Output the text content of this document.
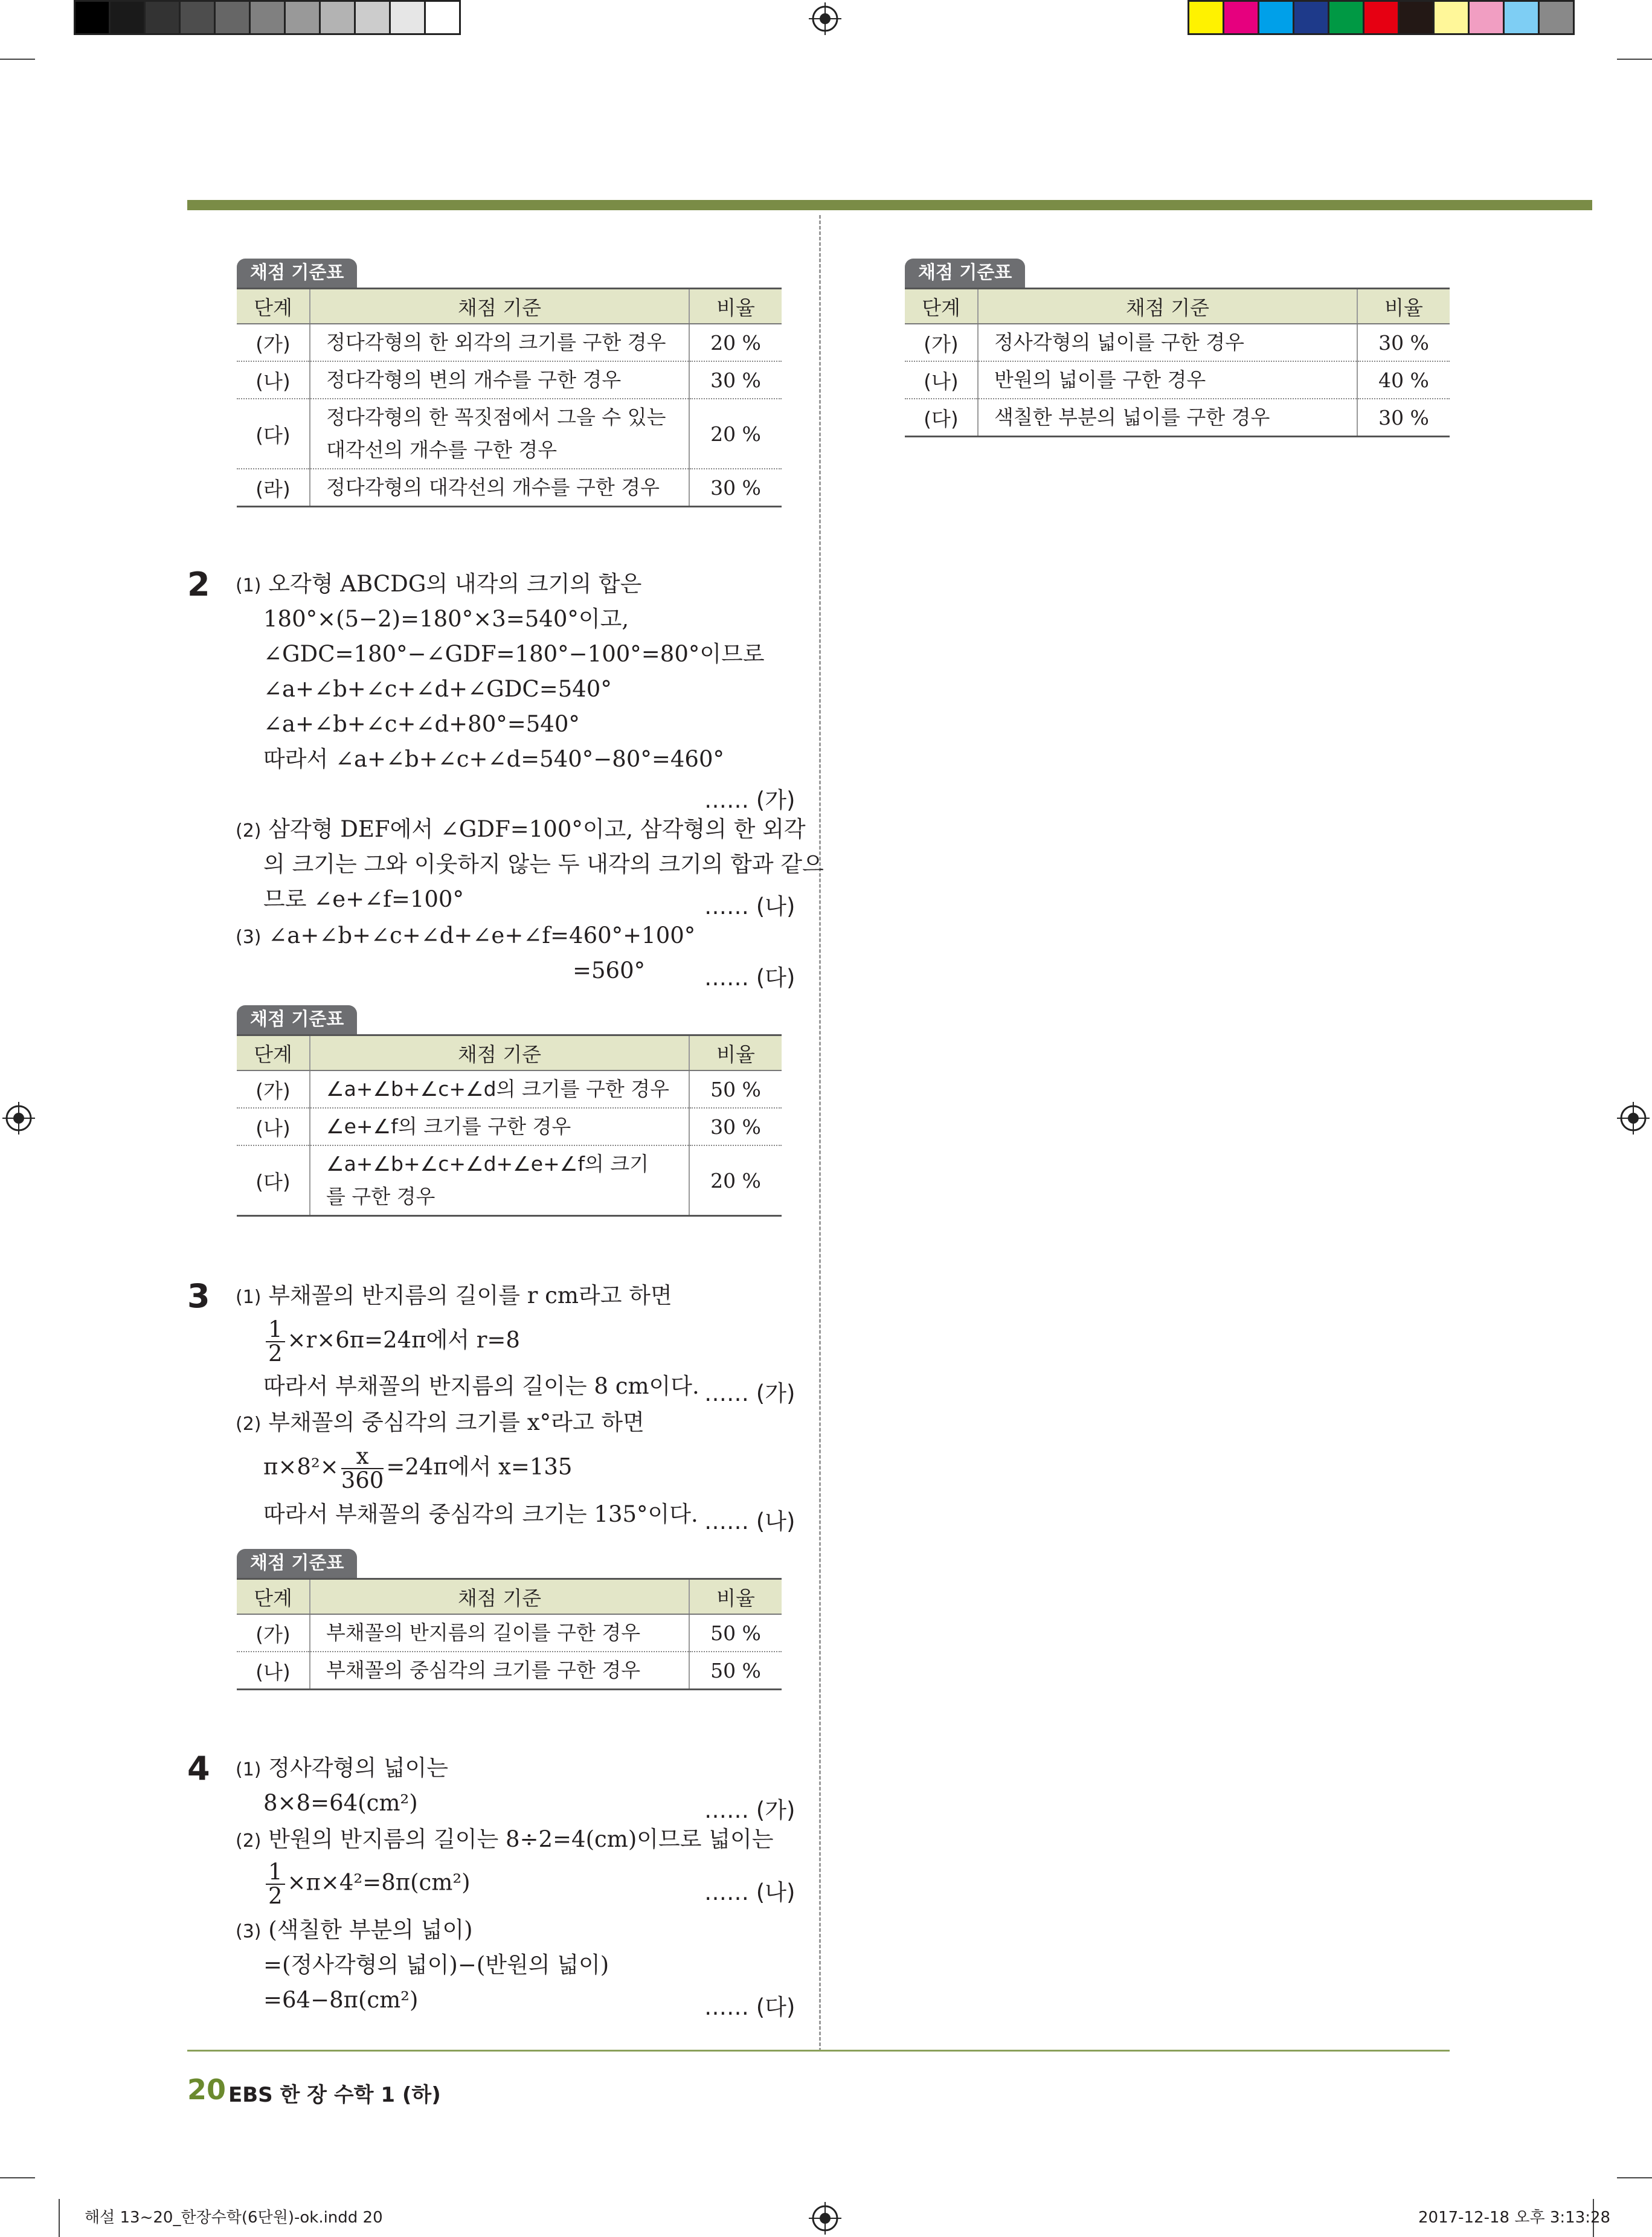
채점 기준표
단계	채점 기준	비율
(가)	정다각형의 한 외각의 크기를 구한 경우	20 %
(나)	정다각형의 변의 개수를 구한 경우	30 %
(다)	정다각형의 한 꼭짓점에서 그을 수 있는
대각선의 개수를 구한 경우	20 %
(라)	정다각형의 대각선의 개수를 구한 경우	30 %
채점 기준표
단계	채점 기준	비율
(가)	정사각형의 넓이를 구한 경우	30 %
(나)	반원의 넓이를 구한 경우	40 %
(다)	색칠한 부분의 넓이를 구한 경우	30 %
2 (1) 오각형 ABCDG의 내각의 크기의 합은
180°×(5−2)=180°×3=540°이고,
∠GDC=180°−∠GDF=180°−100°=80°이므로
∠a+∠b+∠c+∠d+∠GDC=540°
∠a+∠b+∠c+∠d+80°=540°
따라서 ∠a+∠b+∠c+∠d=540°−80°=460°
…… (가)
(2) 삼각형 DEF에서 ∠GDF=100°이고, 삼각형의 한 외각
의 크기는 그와 이웃하지 않는 두 내각의 크기의 합과 같으
므로 ∠e+∠f=100°	…… (나)
(3) ∠a+∠b+∠c+∠d+∠e+∠f=460°+100°
=560°	…… (다)
채점 기준표
단계	채점 기준	비율
(가)	∠a+∠b+∠c+∠d의 크기를 구한 경우	50 %
(나)	∠e+∠f의 크기를 구한 경우	30 %
(다)	∠a+∠b+∠c+∠d+∠e+∠f의 크기
를 구한 경우	20 %
3 (1) 부채꼴의 반지름의 길이를 r cm라고 하면
$\frac{1}{2} \times r\times 6\pi=24\pi$에서 r=8
따라서 부채꼴의 반지름의 길이는 8 cm이다. …… (가)
(2) 부채꼴의 중심각의 크기를 x°라고 하면
$\pi\times 8^2\times \frac{x}{360} =24\pi$에서 x=135
따라서 부채꼴의 중심각의 크기는 135°이다. …… (나)
채점 기준표
단계	채점 기준	비율
(가)	부채꼴의 반지름의 길이를 구한 경우	50 %
(나)	부채꼴의 중심각의 크기를 구한 경우	50 %
4 (1) 정사각형의 넓이는
8×8=64(cm²)	…… (가)
(2) 반원의 반지름의 길이는 8÷2=4(cm)이므로 넓이는
$\frac{1}{2} \times\pi\times 4^2=8\pi(cm^2)$	…… (나)
(3) (색칠한 부분의 넓이)
=(정사각형의 넓이)−(반원의 넓이)
=64−8π(cm²)	…… (다)
20 EBS 한 장 수학 1 (하)
해설 13~20_한장수학(6단원)-ok.indd 20	2017-12-18 오후 3:13:28
